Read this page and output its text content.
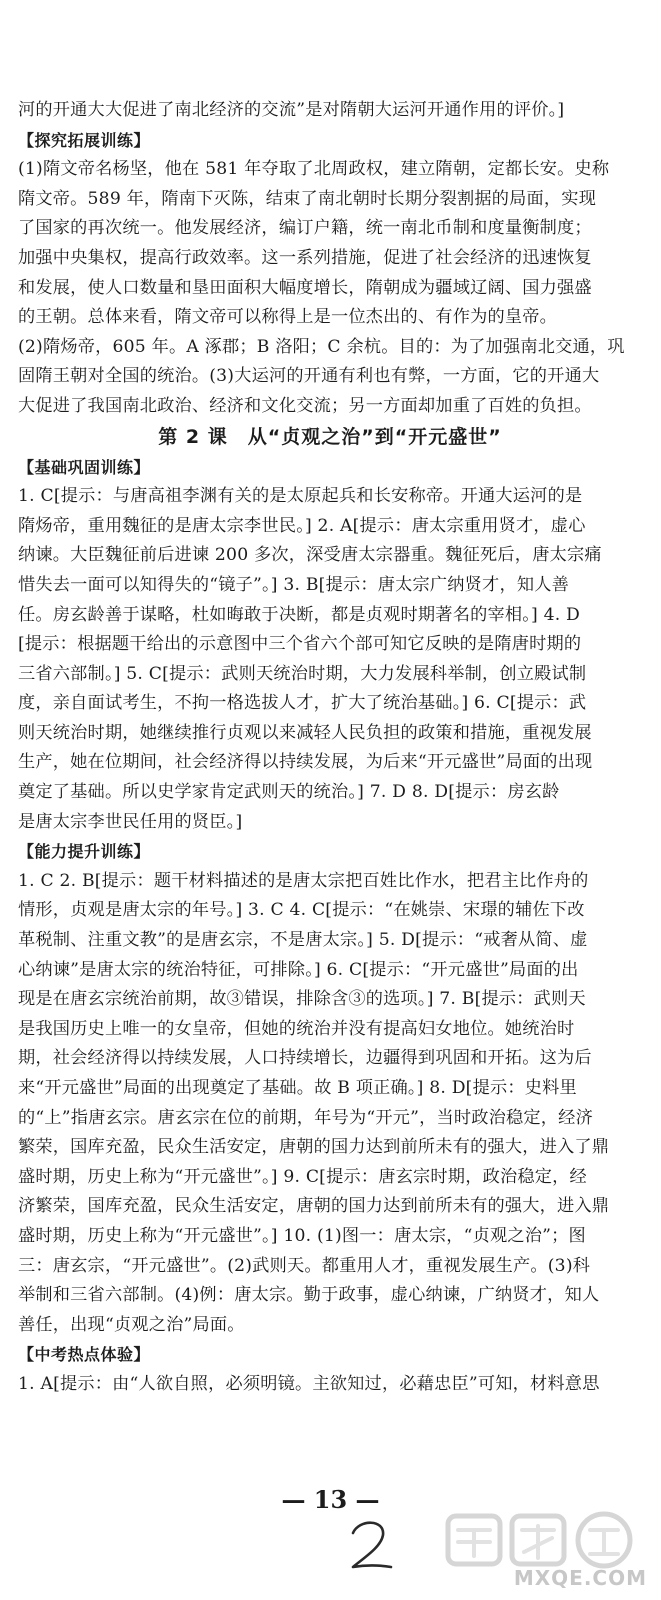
河的开通大大促进了南北经济的交流”是对隋朝大运河开通作用的评价。]
【探究拓展训练】
(1)隋文帝名杨坚，他在 581 年夺取了北周政权，建立隋朝，定都长安。史称
隋文帝。589 年，隋南下灭陈，结束了南北朝时长期分裂割据的局面，实现
了国家的再次统一。他发展经济，编订户籍，统一南北币制和度量衡制度；
加强中央集权，提高行政效率。这一系列措施，促进了社会经济的迅速恢复
和发展，使人口数量和垦田面积大幅度增长，隋朝成为疆域辽阔、国力强盛
的王朝。总体来看，隋文帝可以称得上是一位杰出的、有作为的皇帝。
(2)隋炀帝，605 年。A 涿郡；B 洛阳；C 余杭。目的：为了加强南北交通，巩
固隋王朝对全国的统治。(3)大运河的开通有利也有弊，一方面，它的开通大
大促进了我国南北政治、经济和文化交流；另一方面却加重了百姓的负担。
第 2 课　从“贞观之治”到“开元盛世”
【基础巩固训练】
1. C[提示：与唐高祖李渊有关的是太原起兵和长安称帝。开通大运河的是
隋炀帝，重用魏征的是唐太宗李世民。] 2. A[提示：唐太宗重用贤才，虚心
纳谏。大臣魏征前后进谏 200 多次，深受唐太宗器重。魏征死后，唐太宗痛
惜失去一面可以知得失的“镜子”。] 3. B[提示：唐太宗广纳贤才，知人善
任。房玄龄善于谋略，杜如晦敢于决断，都是贞观时期著名的宰相。] 4. D
[提示：根据题干给出的示意图中三个省六个部可知它反映的是隋唐时期的
三省六部制。] 5. C[提示：武则天统治时期，大力发展科举制，创立殿试制
度，亲自面试考生，不拘一格选拔人才，扩大了统治基础。] 6. C[提示：武
则天统治时期，她继续推行贞观以来减轻人民负担的政策和措施，重视发展
生产，她在位期间，社会经济得以持续发展，为后来“开元盛世”局面的出现
奠定了基础。所以史学家肯定武则天的统治。] 7. D 8. D[提示：房玄龄
是唐太宗李世民任用的贤臣。]
【能力提升训练】
1. C 2. B[提示：题干材料描述的是唐太宗把百姓比作水，把君主比作舟的
情形，贞观是唐太宗的年号。] 3. C 4. C[提示：“在姚崇、宋璟的辅佐下改
革税制、注重文教”的是唐玄宗，不是唐太宗。] 5. D[提示：“戒奢从简、虚
心纳谏”是唐太宗的统治特征，可排除。] 6. C[提示：“开元盛世”局面的出
现是在唐玄宗统治前期，故③错误，排除含③的选项。] 7. B[提示：武则天
是我国历史上唯一的女皇帝，但她的统治并没有提高妇女地位。她统治时
期，社会经济得以持续发展，人口持续增长，边疆得到巩固和开拓。这为后
来“开元盛世”局面的出现奠定了基础。故 B 项正确。] 8. D[提示：史料里
的“上”指唐玄宗。唐玄宗在位的前期，年号为“开元”，当时政治稳定，经济
繁荣，国库充盈，民众生活安定，唐朝的国力达到前所未有的强大，进入了鼎
盛时期，历史上称为“开元盛世”。] 9. C[提示：唐玄宗时期，政治稳定，经
济繁荣，国库充盈，民众生活安定，唐朝的国力达到前所未有的强大，进入鼎
盛时期，历史上称为“开元盛世”。] 10. (1)图一：唐太宗，“贞观之治”；图
三：唐玄宗，“开元盛世”。(2)武则天。都重用人才，重视发展生产。(3)科
举制和三省六部制。(4)例：唐太宗。勤于政事，虚心纳谏，广纳贤才，知人
善任，出现“贞观之治”局面。
【中考热点体验】
1. A[提示：由“人欲自照，必须明镜。主欲知过，必藉忠臣”可知，材料意思
— 13 —
MXQE.COM
